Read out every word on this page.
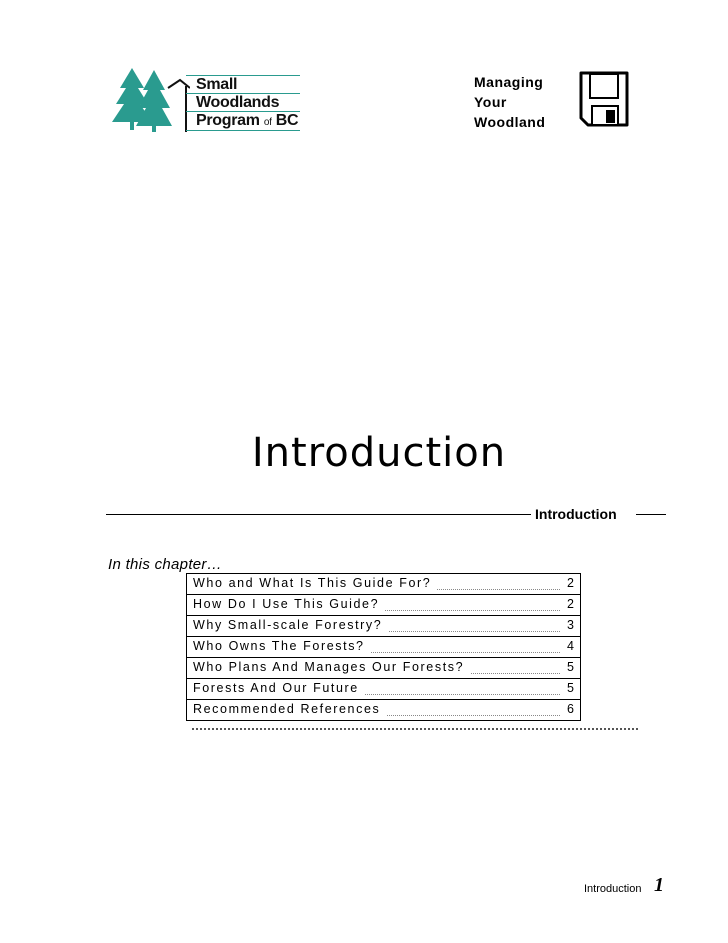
Small
Woodlands
Program of BC
Managing
Your
Woodland
Introduction
Introduction
In this chapter…
Who and What Is This Guide For?	2
How Do I Use This Guide?	2
Why Small-scale Forestry?	3
Who Owns The Forests?	4
Who Plans And Manages Our Forests?	5
Forests And Our Future	5
Recommended References	6
Introduction 1
